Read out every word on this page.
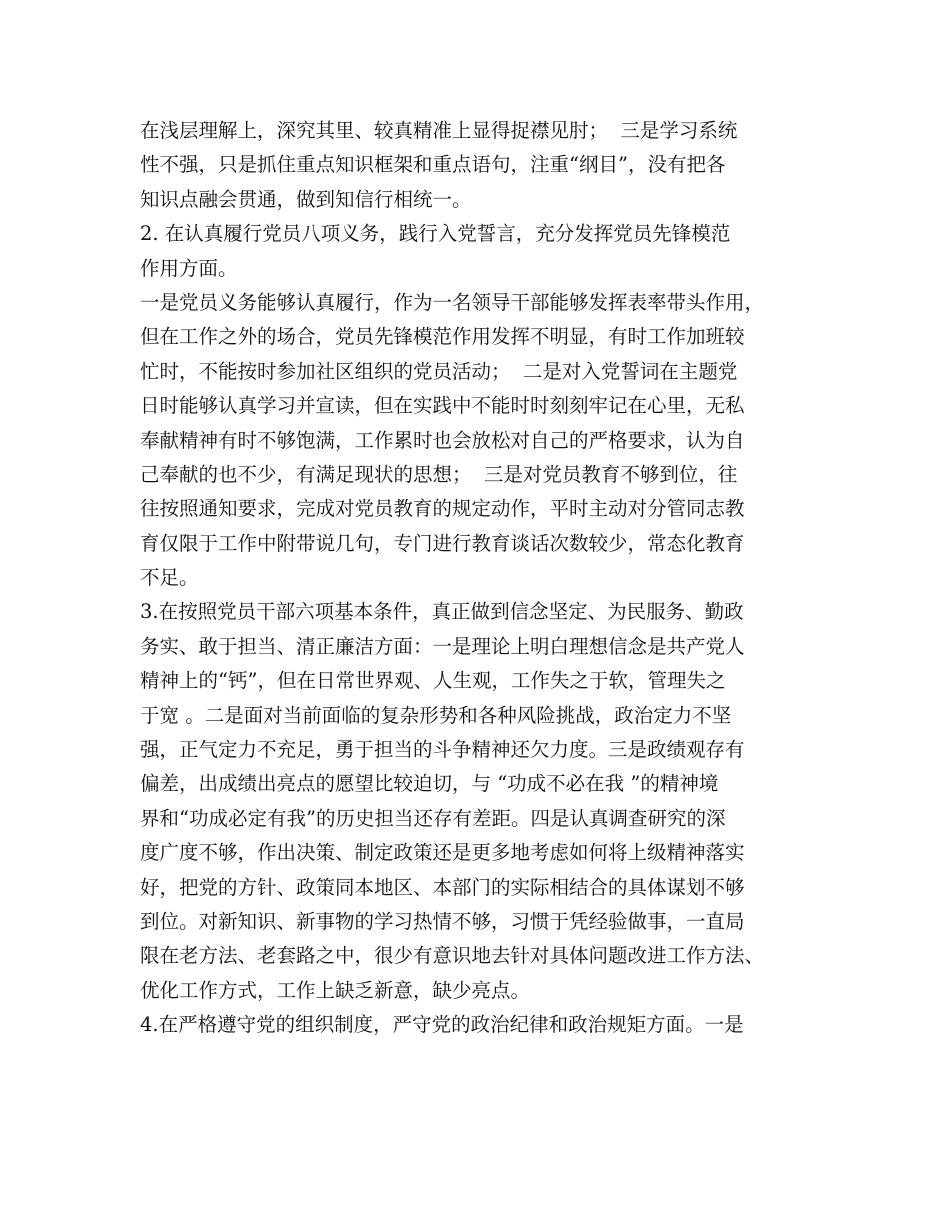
在浅层理解上，深究其里、较真精准上显得捉襟见肘；  三是学习系统
性不强，只是抓住重点知识框架和重点语句，注重“纲目”，没有把各
知识点融会贯通，做到知信行相统一。
2. 在认真履行党员八项义务，践行入党誓言，充分发挥党员先锋模范
作用方面。
一是党员义务能够认真履行，作为一名领导干部能够发挥表率带头作用，
但在工作之外的场合，党员先锋模范作用发挥不明显，有时工作加班较
忙时，不能按时参加社区组织的党员活动；  二是对入党誓词在主题党
日时能够认真学习并宣读，但在实践中不能时时刻刻牢记在心里，无私
奉献精神有时不够饱满，工作累时也会放松对自己的严格要求，认为自
己奉献的也不少，有满足现状的思想；  三是对党员教育不够到位，往
往按照通知要求，完成对党员教育的规定动作，平时主动对分管同志教
育仅限于工作中附带说几句，专门进行教育谈话次数较少，常态化教育
不足。
3.在按照党员干部六项基本条件，真正做到信念坚定、为民服务、勤政
务实、敢于担当、清正廉洁方面：一是理论上明白理想信念是共产党人
精神上的“钙”，但在日常世界观、人生观，工作失之于软，管理失之
于宽 。二是面对当前面临的复杂形势和各种风险挑战，政治定力不坚
强，正气定力不充足，勇于担当的斗争精神还欠力度。三是政绩观存有
偏差，出成绩出亮点的愿望比较迫切，与 “功成不必在我 ”的精神境
界和“功成必定有我”的历史担当还存有差距。四是认真调查研究的深
度广度不够，作出决策、制定政策还是更多地考虑如何将上级精神落实
好，把党的方针、政策同本地区、本部门的实际相结合的具体谋划不够
到位。对新知识、新事物的学习热情不够，习惯于凭经验做事，一直局
限在老方法、老套路之中，很少有意识地去针对具体问题改进工作方法、
优化工作方式，工作上缺乏新意，缺少亮点。
4.在严格遵守党的组织制度，严守党的政治纪律和政治规矩方面。一是
